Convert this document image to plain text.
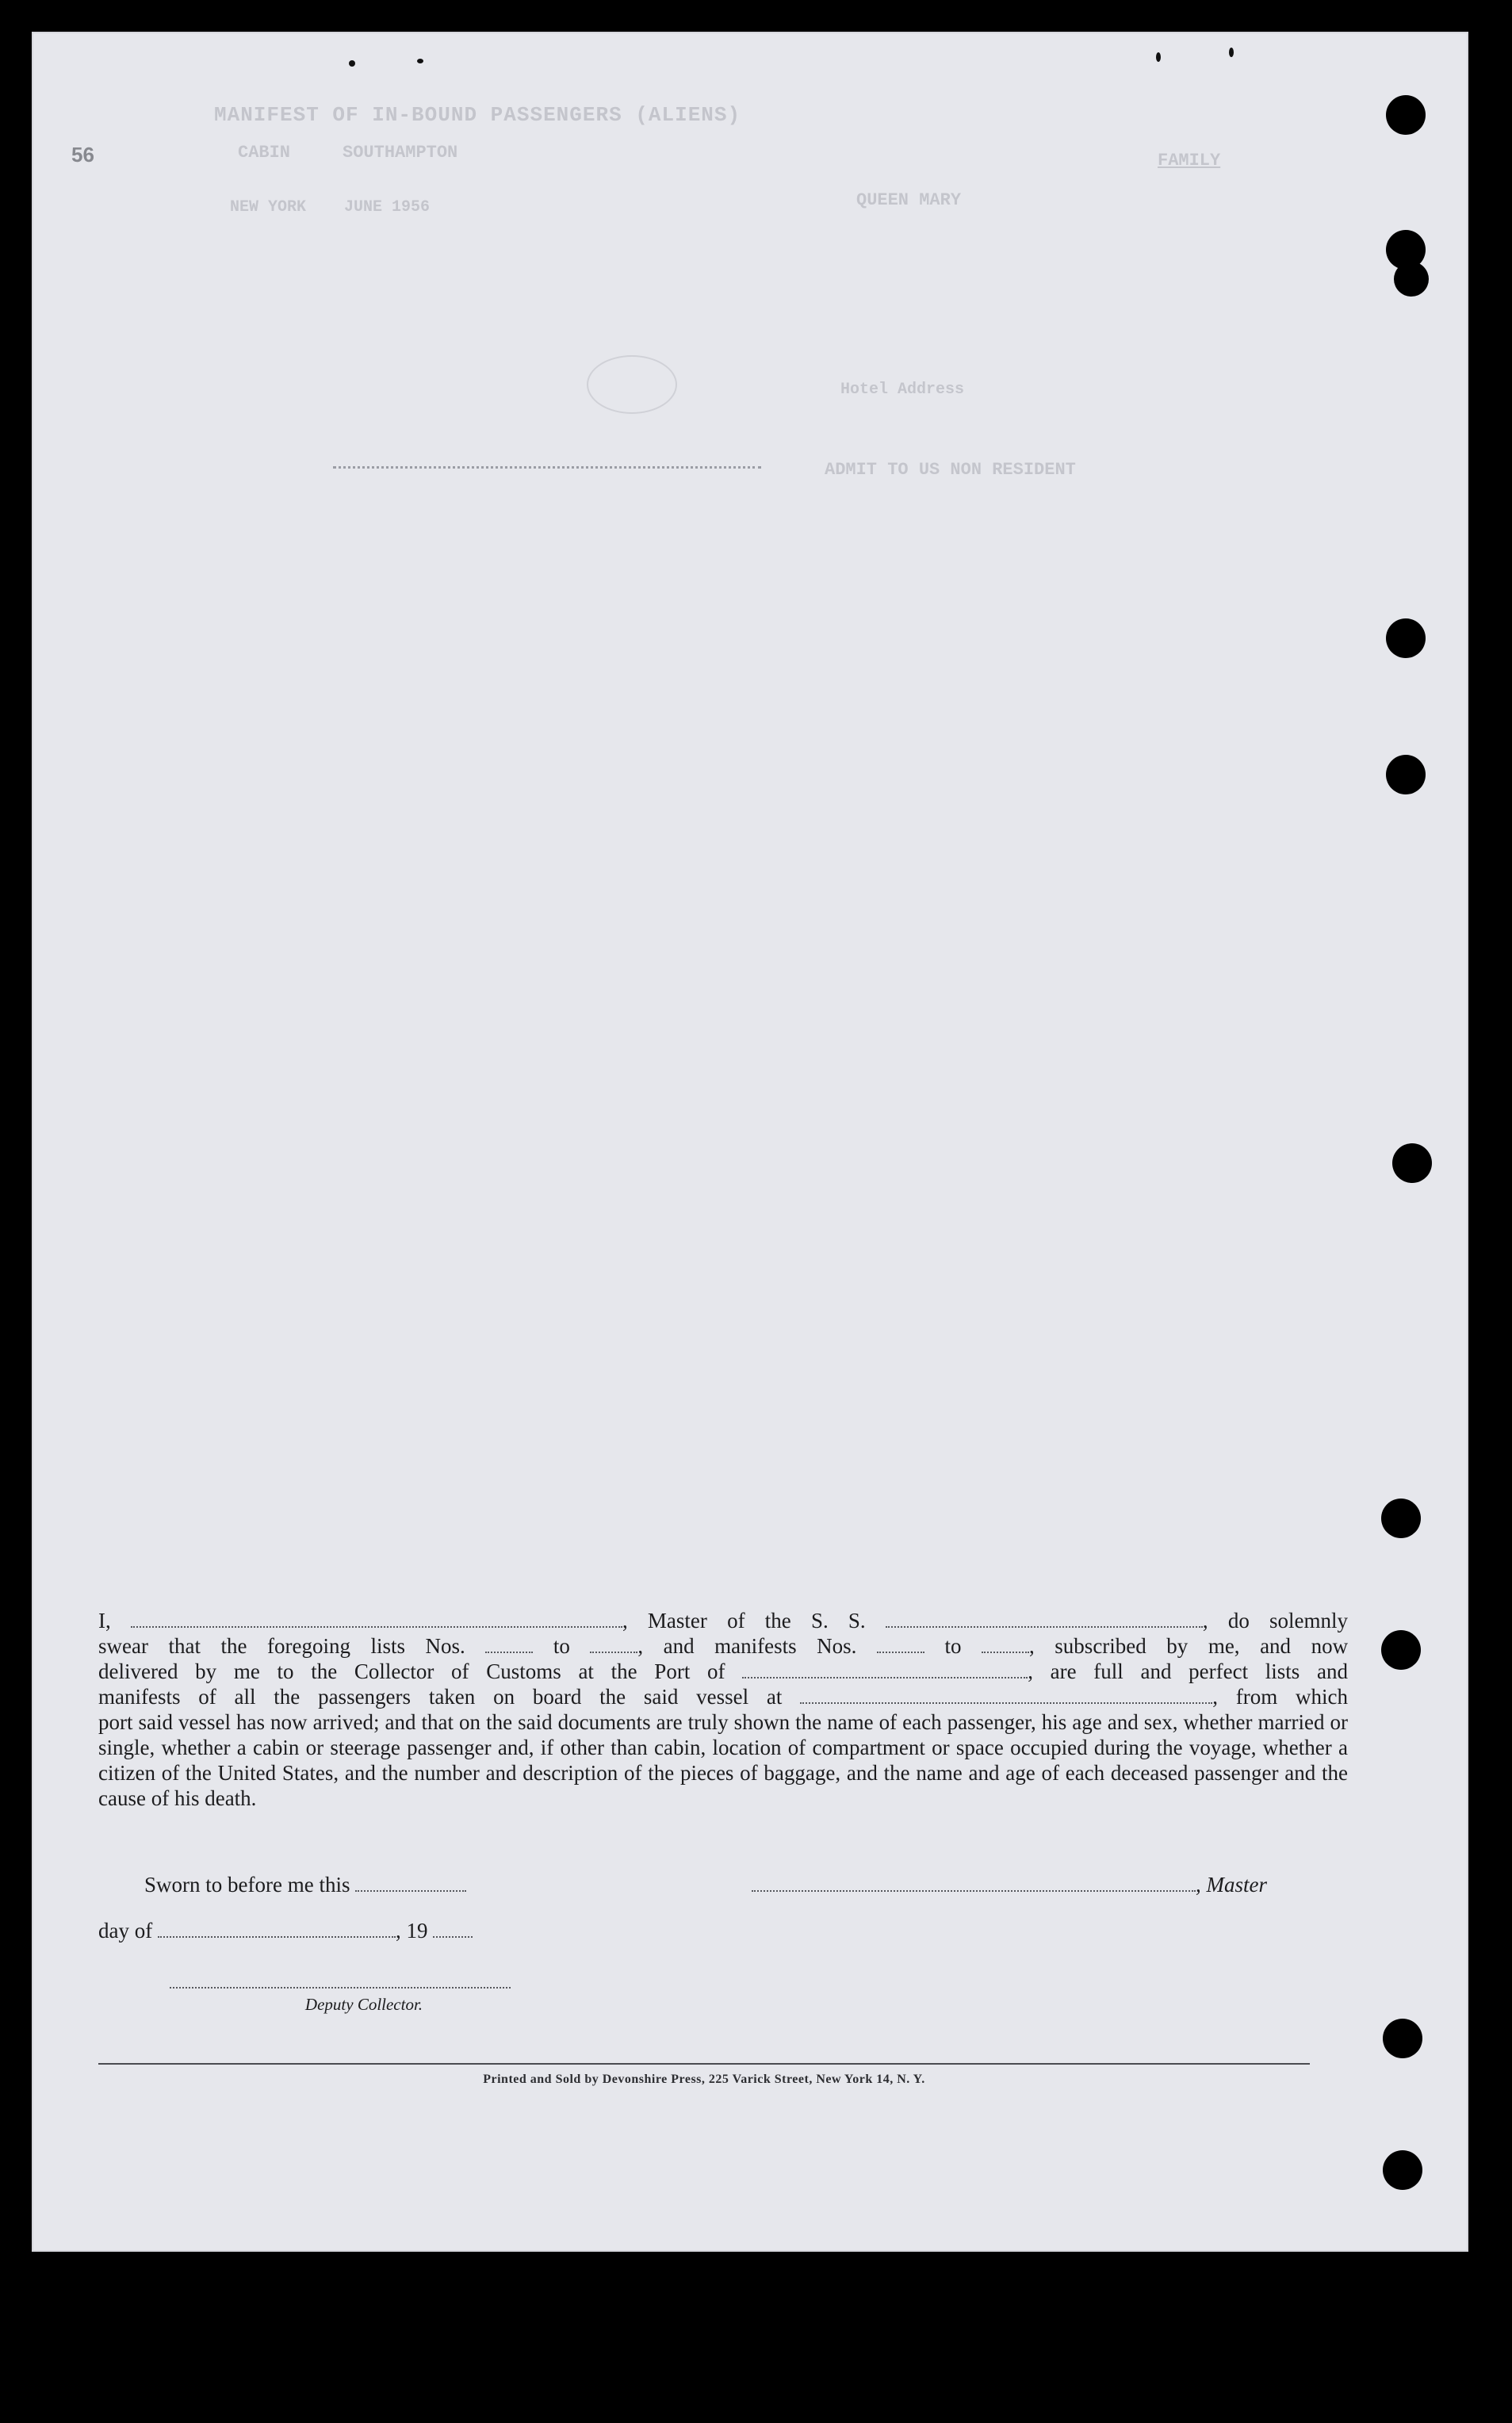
56
MANIFEST OF IN-BOUND PASSENGERS (ALIENS)
CABIN	SOUTHAMPTON
NEW YORK JUNE 1956	QUEEN MARY
FAMILY
Hotel Address
ADMIT TO US NON RESIDENT
I,	, Master of the S. S.	, do solemnly
swear that the foregoing lists Nos.	to	, and manifests Nos.	to	, subscribed by me, and now
delivered by me to the Collector of Customs at the Port of	, are full and perfect lists and
manifests of all the passengers taken on board the said vessel at	, from which
port said vessel has now arrived; and that on the said documents are truly shown the name of each passenger, his age and sex, whether married or single, whether a cabin or steerage passenger and, if other than cabin, location of compartment or space occupied during the voyage, whether a citizen of the United States, and the number and description of the pieces of baggage, and the name and age of each deceased passenger and the cause of his death.
Sworn to before me this	, Master
day of	, 19
Deputy Collector.
Printed and Sold by Devonshire Press, 225 Varick Street, New York 14, N. Y.
